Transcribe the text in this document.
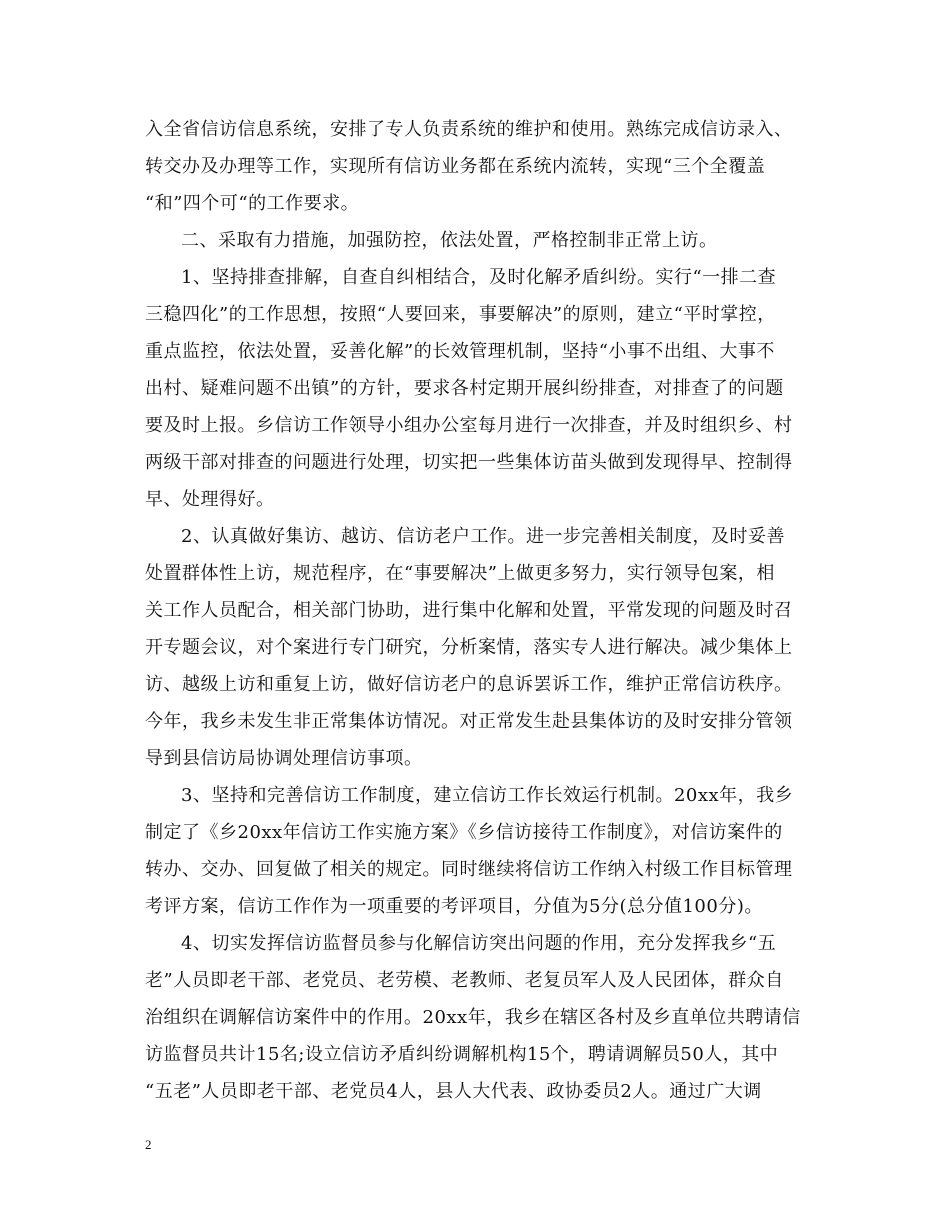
入全省信访信息系统，安排了专人负责系统的维护和使用。熟练完成信访录入、
转交办及办理等工作，实现所有信访业务都在系统内流转，实现“三个全覆盖
“和”四个可“的工作要求。
二、采取有力措施，加强防控，依法处置，严格控制非正常上访。
1、坚持排查排解，自查自纠相结合，及时化解矛盾纠纷。实行“一排二查
三稳四化”的工作思想，按照“人要回来，事要解决”的原则，建立“平时掌控，
重点监控，依法处置，妥善化解”的长效管理机制，坚持“小事不出组、大事不
出村、疑难问题不出镇”的方针，要求各村定期开展纠纷排查，对排查了的问题
要及时上报。乡信访工作领导小组办公室每月进行一次排查，并及时组织乡、村
两级干部对排查的问题进行处理，切实把一些集体访苗头做到发现得早、控制得
早、处理得好。
2、认真做好集访、越访、信访老户工作。进一步完善相关制度，及时妥善
处置群体性上访，规范程序，在“事要解决”上做更多努力，实行领导包案，相
关工作人员配合，相关部门协助，进行集中化解和处置，平常发现的问题及时召
开专题会议，对个案进行专门研究，分析案情，落实专人进行解决。减少集体上
访、越级上访和重复上访，做好信访老户的息诉罢诉工作，维护正常信访秩序。
今年，我乡未发生非正常集体访情况。对正常发生赴县集体访的及时安排分管领
导到县信访局协调处理信访事项。
3、坚持和完善信访工作制度，建立信访工作长效运行机制。20xx年，我乡
制定了《乡20xx年信访工作实施方案》《乡信访接待工作制度》，对信访案件的
转办、交办、回复做了相关的规定。同时继续将信访工作纳入村级工作目标管理
考评方案，信访工作作为一项重要的考评项目，分值为5分(总分值100分)。
4、切实发挥信访监督员参与化解信访突出问题的作用，充分发挥我乡“五
老”人员即老干部、老党员、老劳模、老教师、老复员军人及人民团体，群众自
治组织在调解信访案件中的作用。20xx年，我乡在辖区各村及乡直单位共聘请信
访监督员共计15名;设立信访矛盾纠纷调解机构15个，聘请调解员50人，其中
“五老”人员即老干部、老党员4人，县人大代表、政协委员2人。通过广大调
2
